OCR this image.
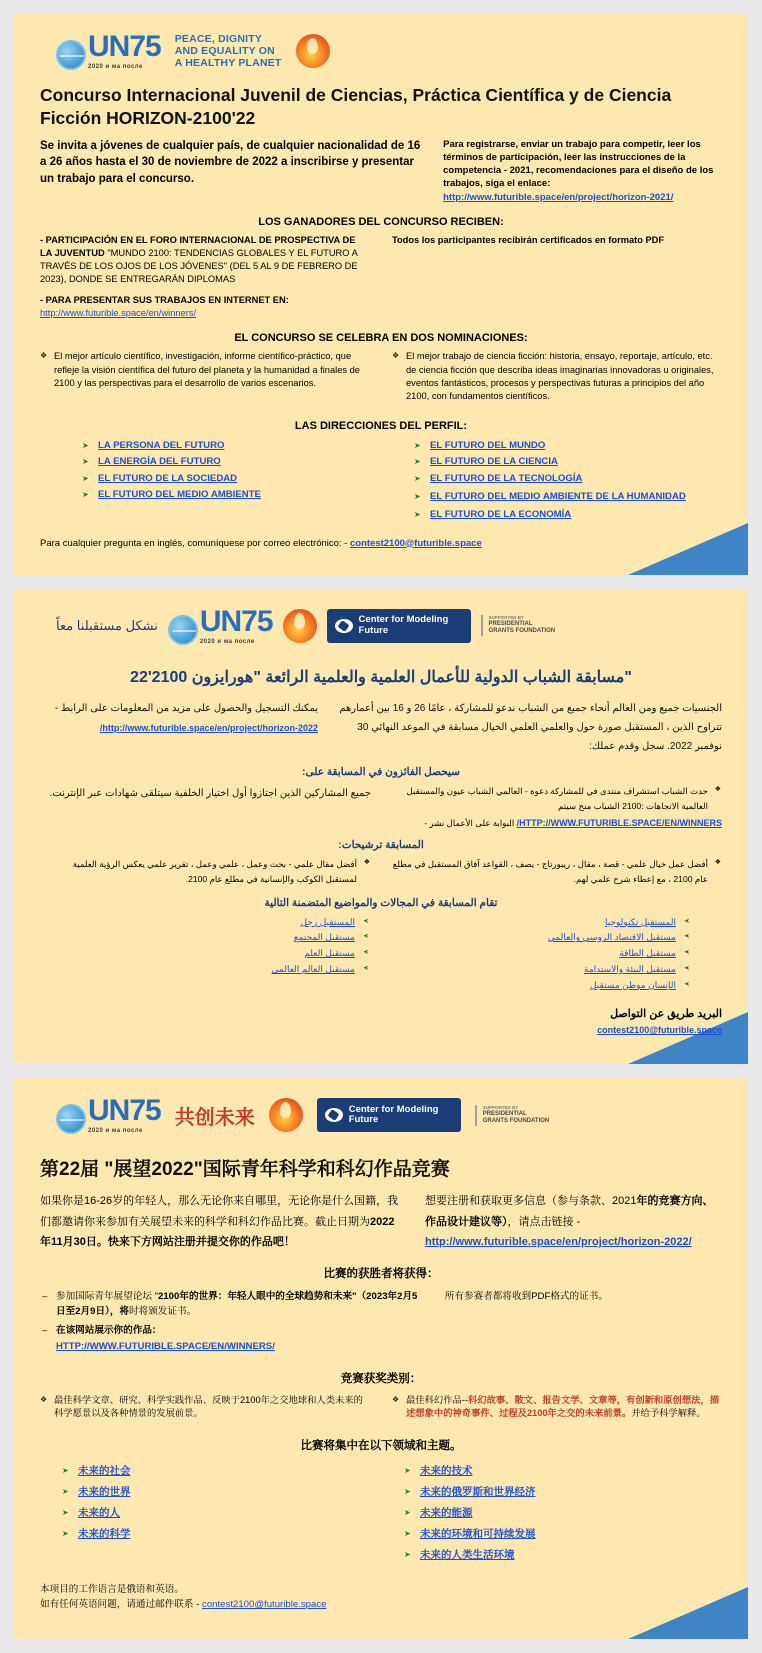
UN75
2020 и ма после
PEACE, DIGNITY
AND EQUALITY ON
A HEALTHY PLANET
Concurso Internacional Juvenil de Ciencias, Práctica Científica y de Ciencia Ficción HORIZON-2100'22
Se invita a jóvenes de cualquier país, de cualquier nacionalidad de 16 a 26 años hasta el 30 de noviembre de 2022 a inscribirse y presentar un trabajo para el concurso.
Para registrarse, enviar un trabajo para competir, leer los términos de participación, leer las instrucciones de la competencia - 2021, recomendaciones para el diseño de los trabajos, siga el enlace:
http://www.futurible.space/en/project/horizon-2021/
LOS GANADORES DEL CONCURSO RECIBEN:
- PARTICIPACIÓN EN EL FORO INTERNACIONAL DE PROSPECTIVA DE LA JUVENTUD "MUNDO 2100: TENDENCIAS GLOBALES Y EL FUTURO A TRAVÉS DE LOS OJOS DE LOS JÓVENES" (DEL 5 AL 9 DE FEBRERO DE 2023), DONDE SE ENTREGARÁN DIPLOMAS
- PARA PRESENTAR SUS TRABAJOS EN INTERNET EN:
http://www.futurible.space/en/winners/
Todos los participantes recibirán certificados en formato PDF
EL CONCURSO SE CELEBRA EN DOS NOMINACIONES:
❖ El mejor artículo científico, investigación, informe científico-práctico, que refleje la visión científica del futuro del planeta y la humanidad a finales de 2100 y las perspectivas para el desarrollo de varios escenarios.
❖ El mejor trabajo de ciencia ficción: historia, ensayo, reportaje, artículo, etc. de ciencia ficción que describa ideas imaginarias innovadoras u originales, eventos fantásticos, procesos y perspectivas futuras a principios del año 2100, con fundamentos científicos.
LAS DIRECCIONES DEL PERFIL:
➤ LA PERSONA DEL FUTURO
➤ LA ENERGÍA DEL FUTURO
➤ EL FUTURO DE LA SOCIEDAD
➤ EL FUTURO DEL MEDIO AMBIENTE
➤ EL FUTURO DEL MUNDO
➤ EL FUTURO DE LA CIENCIA
➤ EL FUTURO DE LA TECNOLOGÍA
➤ EL FUTURO DEL MEDIO AMBIENTE DE LA HUMANIDAD
➤ EL FUTURO DE LA ECONOMÍA
Para cualquier pregunta en inglés, comuníquese por correo electrónico: - contest2100@futurible.space
نشكل مستقبلنا معاً UN75
2020 и ма после
Center for Modeling
Future
SUPPORTED BY
PRESIDENTIAL GRANTS FOUNDATION
مسابقة الشباب الدولية للأعمال العلمية والعلمية الرائعة "هورايزون 2100'22"
الجنسيات جميع ومن العالم أنحاء جميع من الشباب ندعو للمشاركة ، عامًا 26 و 16 بين أعمارهم تتراوح الذين ، المستقبل صورة حول والعلمي العلمي الخيال مسابقة في الموعد النهائي 30 نوفمبر 2022. سجل وقدم عملك:
يمكنك التسجيل والحصول على مزيد من المعلومات على الرابط -
http://www.futurible.space/en/project/horizon-2022/
سيحصل الفائزون في المسابقة على:
❖ حدث الشباب استشراف منتدى في للمشاركة دعوة - العالمي الشباب عيون والمستقبل العالمية الاتجاهات :2100 الشباب منح سيتم
HTTP://WWW.FUTURIBLE.SPACE/EN/WINNERS/ البوابة على الأعمال نشر -
جميع المشاركين الذين اجتازوا أول اختيار الخلفية سيتلقى شهادات عبر الإنترنت.
المسابقة ترشيحات:
❖ أفضل عمل خيال علمي - قصة ، مقال ، ريبورتاج - يصف ، القواعد آفاق المستقبل في مطلع عام 2100 ، مع إعطاء شرح علمي لهم.
❖ أفضل مقال علمي - بحث وعمل ، علمي وعمل ، تقرير علمي يعكس الرؤية العلمية لمستقبل الكوكب والإنسانية في مطلع عام 2100.
تقام المسابقة في المجالات والمواضيع المتضمنة التالية
➤ المستقبل تكنولوجيا
➤ مستقبل الاقتصاد الروسي والعالمي
➤ مستقبل الطاقة
➤ مستقبل البيئة والاستدامة
➤ الإنسان موطن مستقبل
➤ المستقبل رجل
➤ مستقبل المجتمع
➤ مستقبل العلم
➤ مستقبل العالم العالمي
البريد طريق عن التواصل
contest2100@futurible.space
UN75
2020 и ма после
共创未来	Center for Modeling
Future
SUPPORTED BY
PRESIDENTIAL GRANTS FOUNDATION
第22届 "展望2022"国际青年科学和科幻作品竞赛
如果你是16-26岁的年轻人，那么无论你来自哪里，无论你是什么国籍，我们都邀请你来参加有关展望未来的科学和科幻作品比赛。截止日期为2022年11月30日。快来下方网站注册并提交你的作品吧！
想要注册和获取更多信息（参与条款、2021年的竞赛方向、作品设计建议等），请点击链接 -
http://www.futurible.space/en/project/horizon-2022/
比赛的获胜者将获得：
– 参加国际青年展望论坛 "2100年的世界：年轻人眼中的全球趋势和未来"（2023年2月5日至2月9日），将时将颁发证书。
– 在该网站展示你的作品：
HTTP://WWW.FUTURIBLE.SPACE/EN/WINNERS/
所有参赛者都将收到PDF格式的证书。
竞赛获奖类别：
❖ 最佳科学文章、研究、科学实践作品、反映于2100年之交地球和人类未来的科学愿景以及各种情景的发展前景。
❖ 最佳科幻作品--科幻故事、散文、报告文学、文章等，有创新和原创想法，描述想象中的神奇事件、过程及2100年之交的未来前景。并给予科学解释。
比赛将集中在以下领域和主题。
➤ 未来的社会
➤ 未来的世界
➤ 未来的人
➤ 未来的科学
➤ 未来的技术
➤ 未来的俄罗斯和世界经济
➤ 未来的能源
➤ 未来的环境和可持续发展
➤ 未来的人类生活环境
本项目的工作语言是俄语和英语。
如有任何英语问题，请通过邮件联系 - contest2100@futurible.space
